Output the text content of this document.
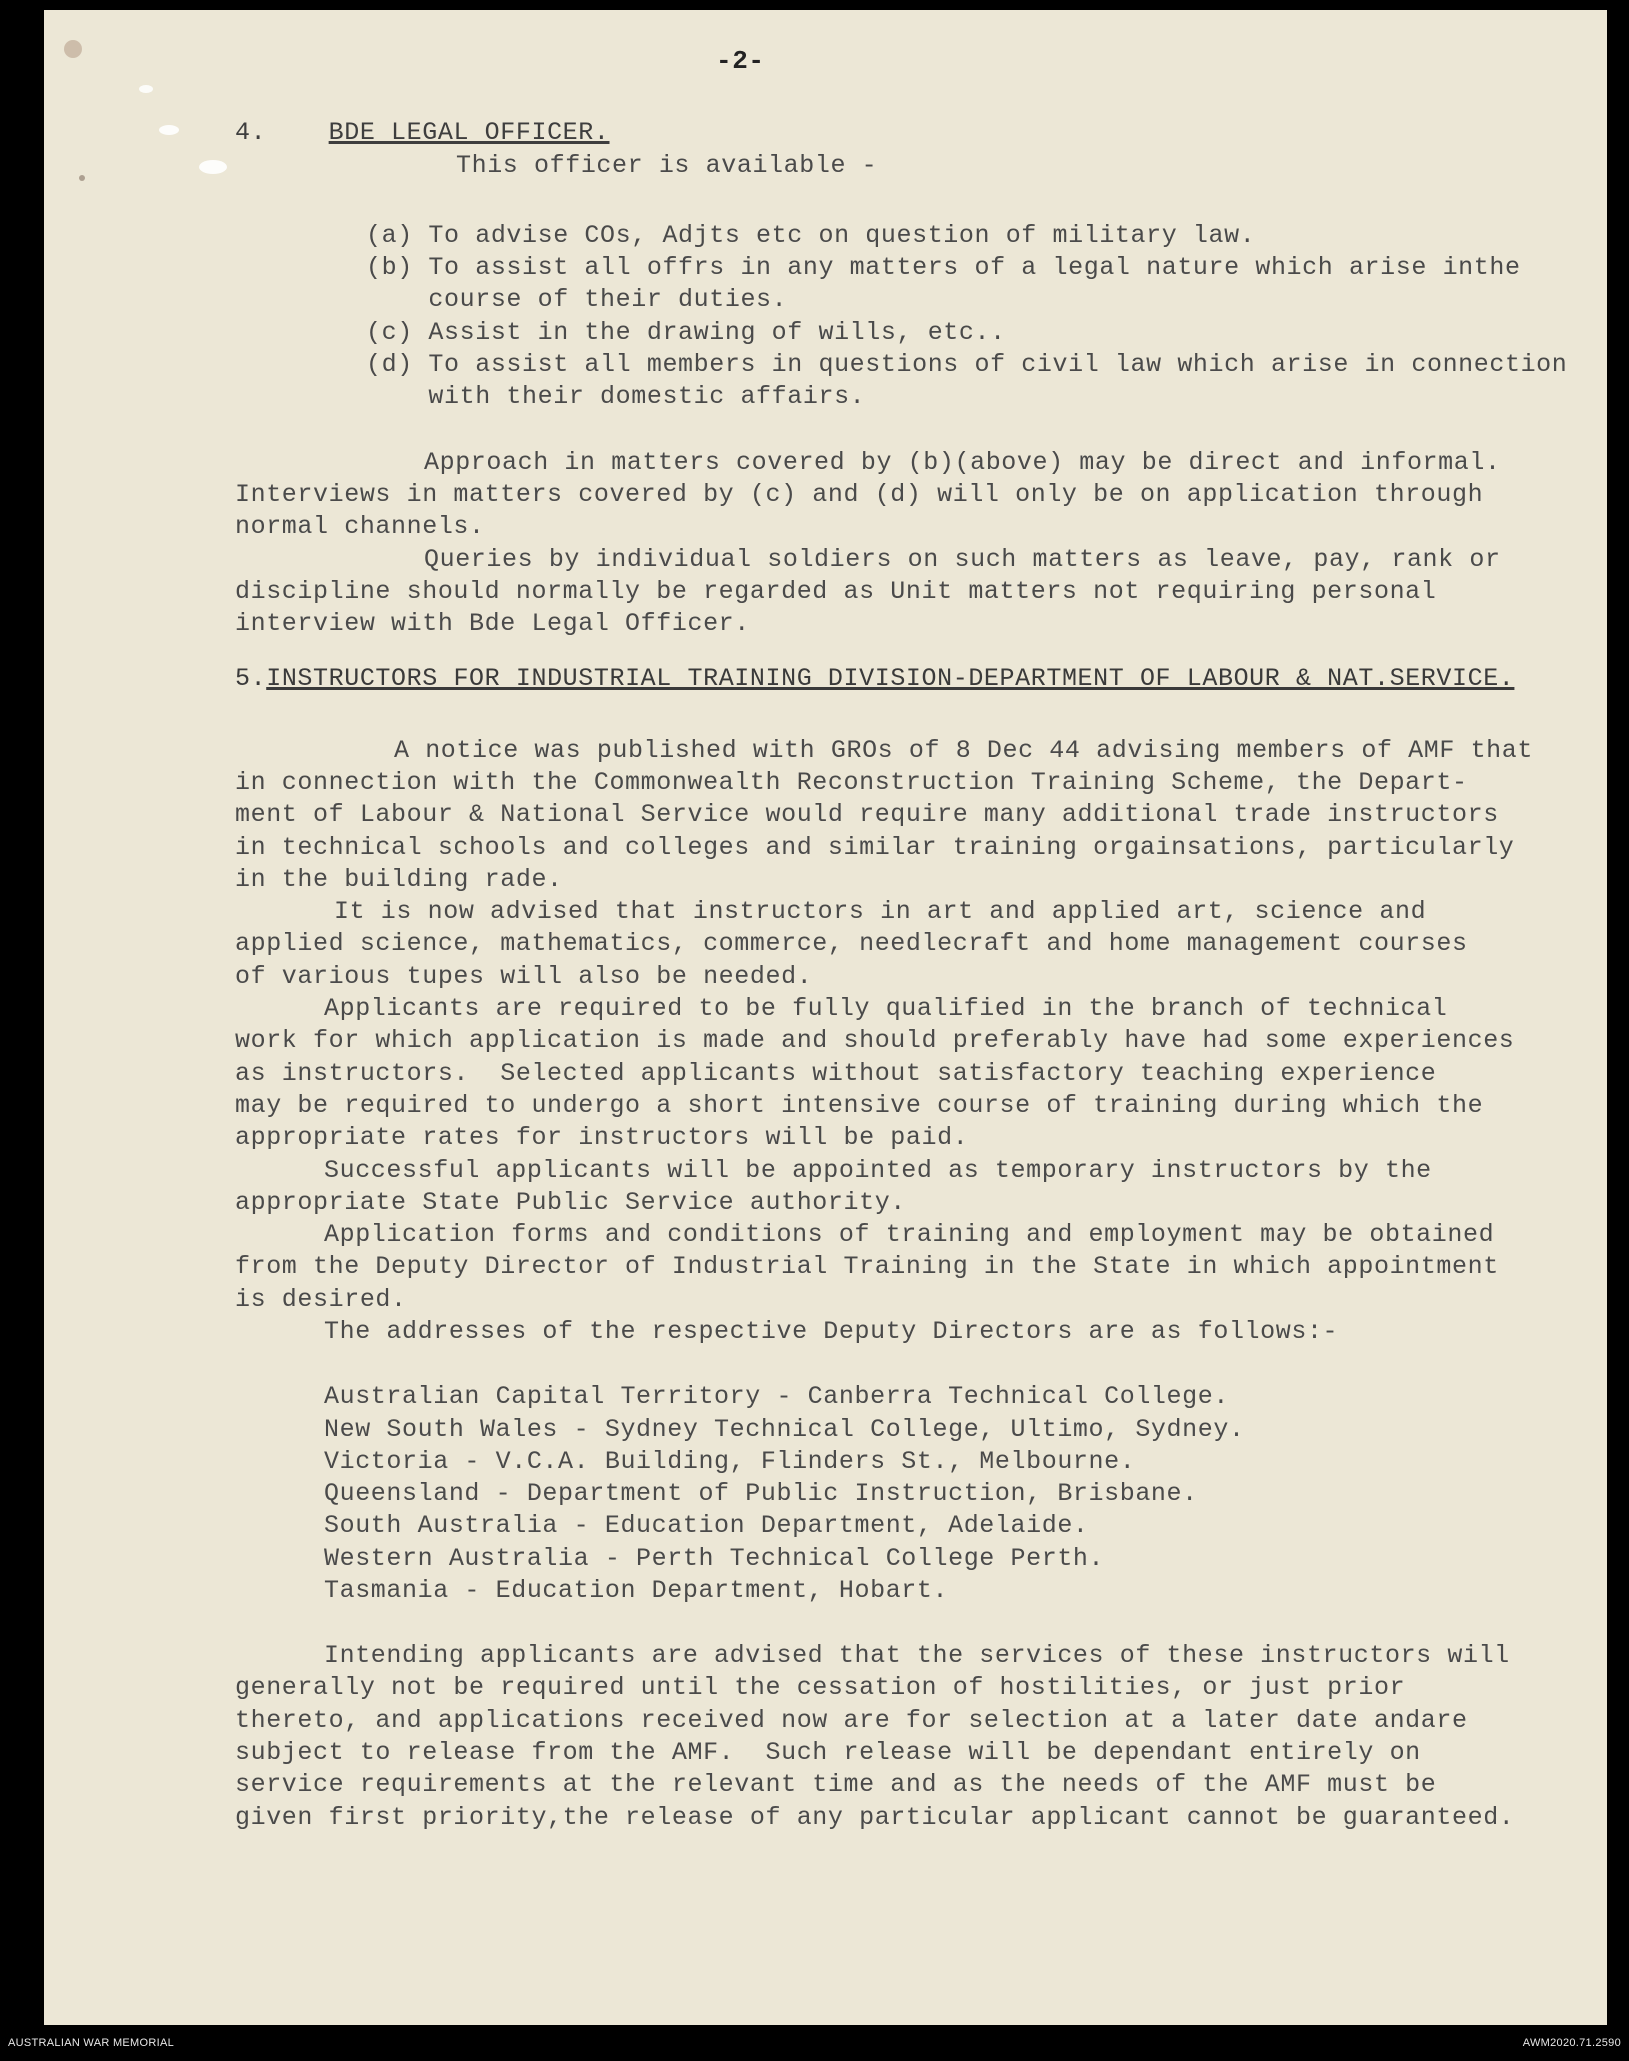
-2-
4. BDE LEGAL OFFICER.
This officer is available -
(a) To advise COs, Adjts etc on question of military law.
(b) To assist all offrs in any matters of a legal nature which arise inthe
course of their duties.
(c) Assist in the drawing of wills, etc..
(d) To assist all members in questions of civil law which arise in connection
with their domestic affairs.
Approach in matters covered by (b)(above) may be direct and informal.
Interviews in matters covered by (c) and (d) will only be on application through
normal channels.
Queries by individual soldiers on such matters as leave, pay, rank or
discipline should normally be regarded as Unit matters not requiring personal
interview with Bde Legal Officer.
5.INSTRUCTORS FOR INDUSTRIAL TRAINING DIVISION-DEPARTMENT OF LABOUR & NAT.SERVICE.
A notice was published with GROs of 8 Dec 44 advising members of AMF that
in connection with the Commonwealth Reconstruction Training Scheme, the Depart-
ment of Labour & National Service would require many additional trade instructors
in technical schools and colleges and similar training orgainsations, particularly
in the building rade.
It is now advised that instructors in art and applied art, science and
applied science, mathematics, commerce, needlecraft and home management courses
of various tupes will also be needed.
Applicants are required to be fully qualified in the branch of technical
work for which application is made and should preferably have had some experiences
as instructors.  Selected applicants without satisfactory teaching experience
may be required to undergo a short intensive course of training during which the
appropriate rates for instructors will be paid.
Successful applicants will be appointed as temporary instructors by the
appropriate State Public Service authority.
Application forms and conditions of training and employment may be obtained
from the Deputy Director of Industrial Training in the State in which appointment
is desired.
The addresses of the respective Deputy Directors are as follows:-
Australian Capital Territory - Canberra Technical College.
New South Wales - Sydney Technical College, Ultimo, Sydney.
Victoria - V.C.A. Building, Flinders St., Melbourne.
Queensland - Department of Public Instruction, Brisbane.
South Australia - Education Department, Adelaide.
Western Australia - Perth Technical College Perth.
Tasmania - Education Department, Hobart.
Intending applicants are advised that the services of these instructors will
generally not be required until the cessation of hostilities, or just prior
thereto, and applications received now are for selection at a later date andare
subject to release from the AMF.  Such release will be dependant entirely on
service requirements at the relevant time and as the needs of the AMF must be
given first priority,the release of any particular applicant cannot be guaranteed.
AUSTRALIAN WAR MEMORIAL	AWM2020.71.2590
